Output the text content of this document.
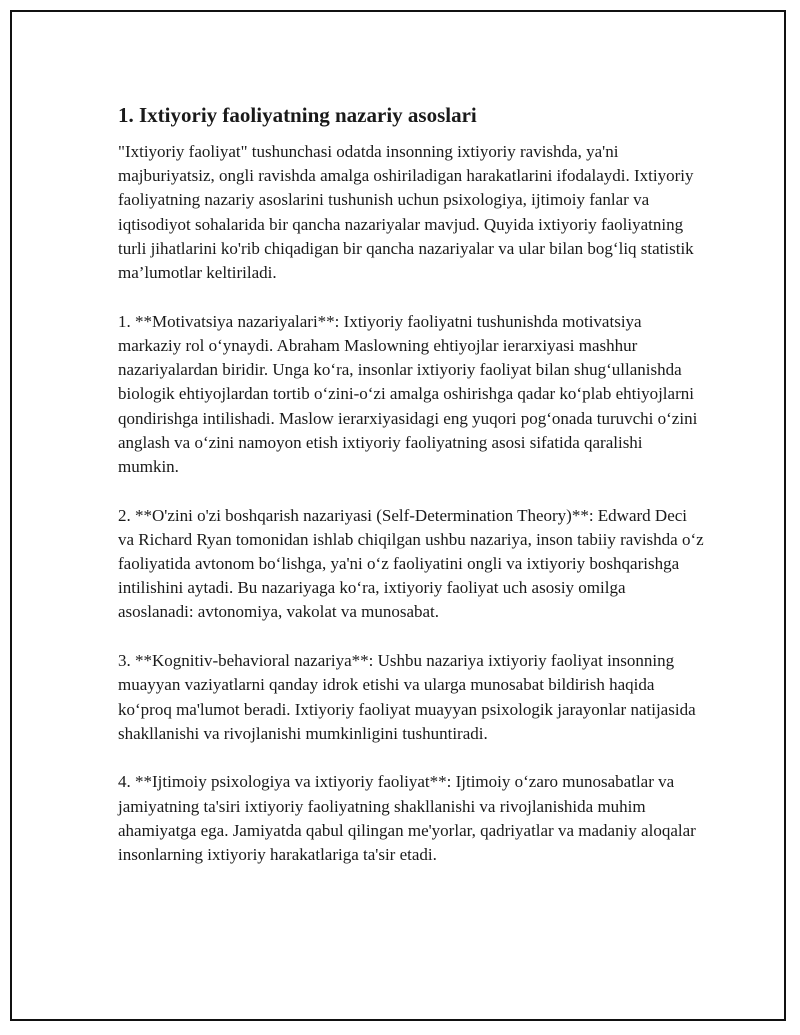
1. Ixtiyoriy faoliyatning nazariy asoslari

"Ixtiyoriy faoliyat" tushunchasi odatda insonning ixtiyoriy ravishda, ya'ni majburiyatsiz, ongli ravishda amalga oshiriladigan harakatlarini ifodalaydi. Ixtiyoriy faoliyatning nazariy asoslarini tushunish uchun psixologiya, ijtimoiy fanlar va iqtisodiyot sohalarida bir qancha nazariyalar mavjud. Quyida ixtiyoriy faoliyatning turli jihatlarini ko'rib chiqadigan bir qancha nazariyalar va ular bilan bog‘liq statistik ma’lumotlar keltiriladi.

1. **Motivatsiya nazariyalari**: Ixtiyoriy faoliyatni tushunishda motivatsiya markaziy rol o‘ynaydi. Abraham Maslowning ehtiyojlar ierarxiyasi mashhur nazariyalardan biridir. Unga ko‘ra, insonlar ixtiyoriy faoliyat bilan shug‘ullanishda biologik ehtiyojlardan tortib o‘zini-o‘zi amalga oshirishga qadar ko‘plab ehtiyojlarni qondirishga intilishadi. Maslow ierarxiyasidagi eng yuqori pog‘onada turuvchi o‘zini anglash va o‘zini namoyon etish ixtiyoriy faoliyatning asosi sifatida qaralishi mumkin.

2. **O'zini o'zi boshqarish nazariyasi (Self-Determination Theory)**: Edward Deci va Richard Ryan tomonidan ishlab chiqilgan ushbu nazariya, inson tabiiy ravishda o‘z faoliyatida avtonom bo‘lishga, ya'ni o‘z faoliyatini ongli va ixtiyoriy boshqarishga intilishini aytadi. Bu nazariyaga ko‘ra, ixtiyoriy faoliyat uch asosiy omilga asoslanadi: avtonomiya, vakolat va munosabat.

3. **Kognitiv-behavioral nazariya**: Ushbu nazariya ixtiyoriy faoliyat insonning muayyan vaziyatlarni qanday idrok etishi va ularga munosabat bildirish haqida ko‘proq ma'lumot beradi. Ixtiyoriy faoliyat muayyan psixologik jarayonlar natijasida shakllanishi va rivojlanishi mumkinligini tushuntiradi.

4. **Ijtimoiy psixologiya va ixtiyoriy faoliyat**: Ijtimoiy o‘zaro munosabatlar va jamiyatning ta'siri ixtiyoriy faoliyatning shakllanishi va rivojlanishida muhim ahamiyatga ega. Jamiyatda qabul qilingan me'yorlar, qadriyatlar va madaniy aloqalar insonlarning ixtiyoriy harakatlariga ta'sir etadi.
